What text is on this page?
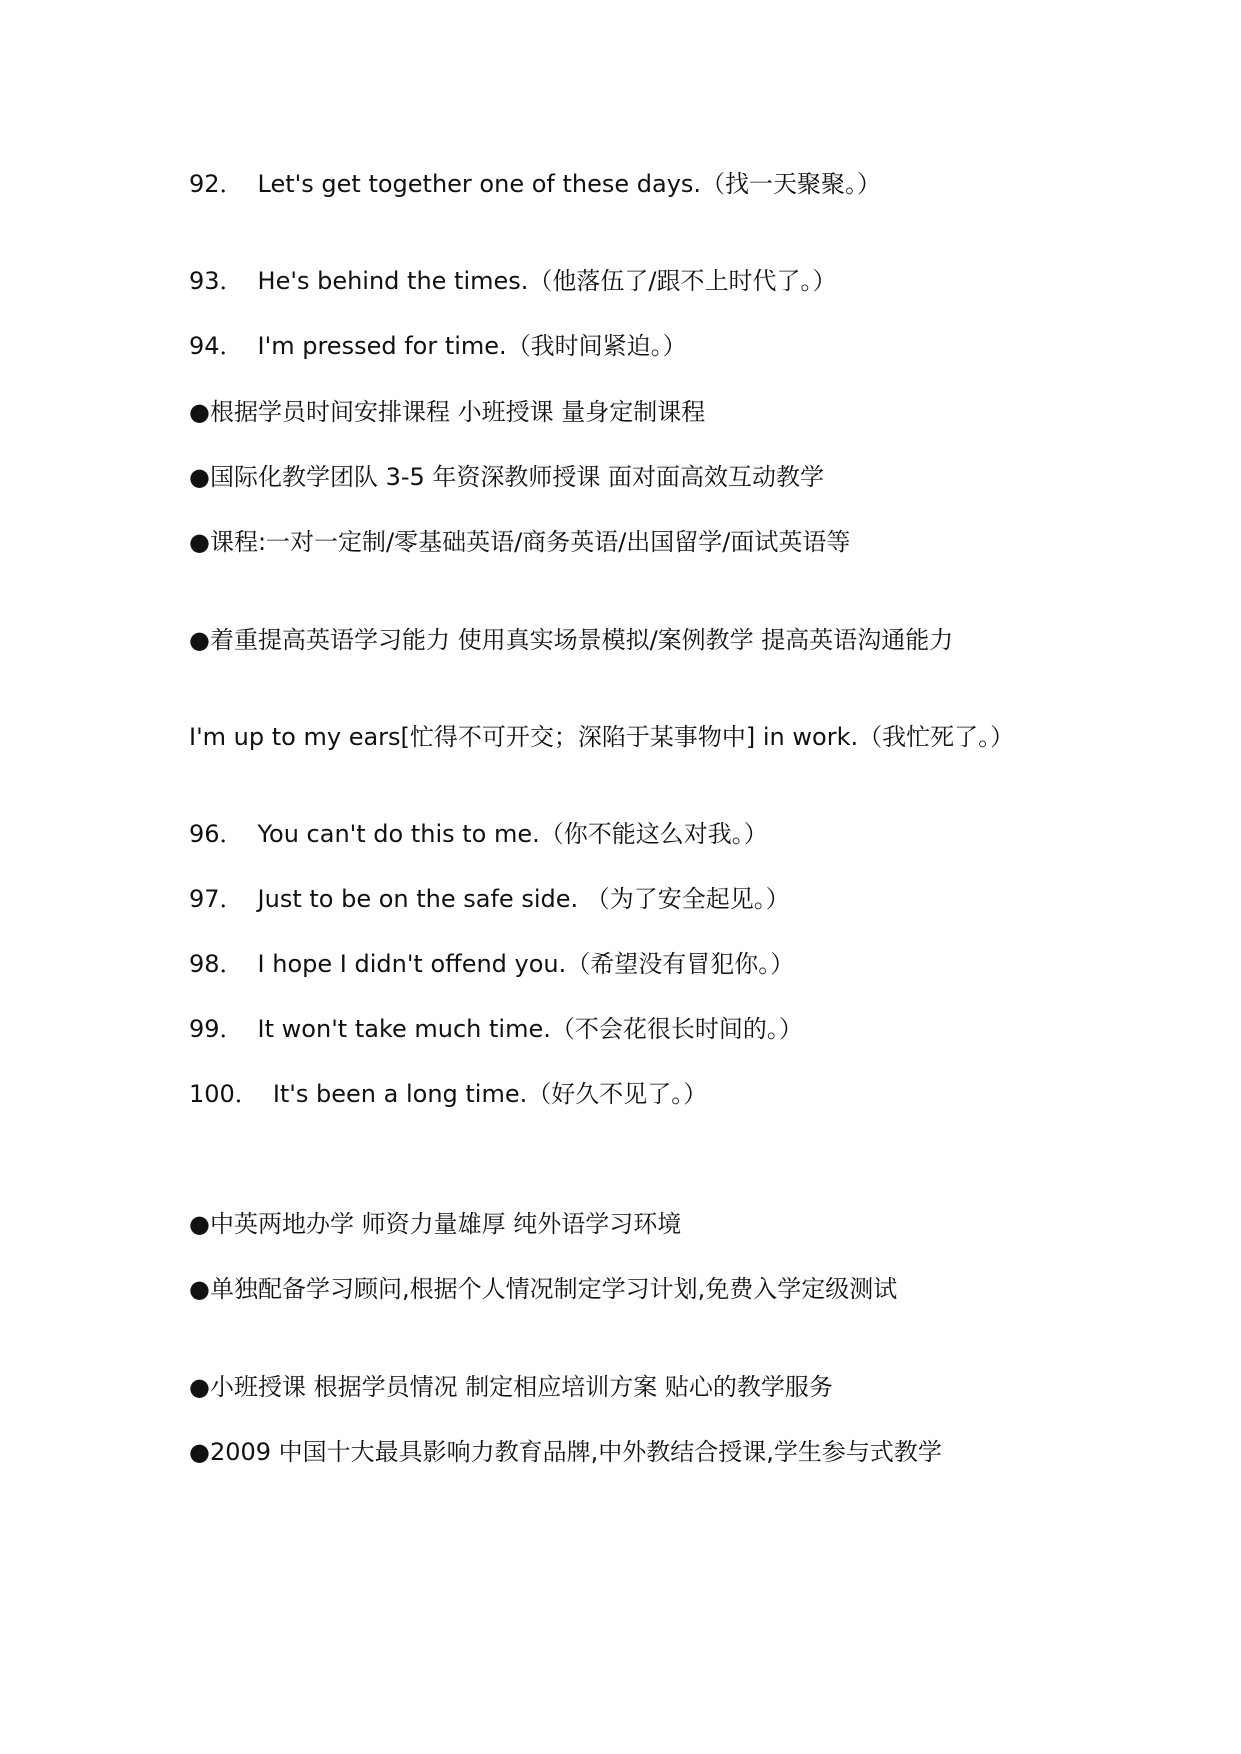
92． Let's get together one of these days.（找一天聚聚。）
93． He's behind the times.（他落伍了/跟不上时代了。）
94． I'm pressed for time.（我时间紧迫。）
●根据学员时间安排课程 小班授课 量身定制课程
●国际化教学团队 3-5 年资深教师授课 面对面高效互动教学
●课程:一对一定制/零基础英语/商务英语/出国留学/面试英语等
●着重提高英语学习能力 使用真实场景模拟/案例教学 提高英语沟通能力
I'm up to my ears[忙得不可开交；深陷于某事物中] in work.（我忙死了。）
96． You can't do this to me.（你不能这么对我。）
97． Just to be on the safe side. （为了安全起见。）
98． I hope I didn't offend you.（希望没有冒犯你。）
99． It won't take much time.（不会花很长时间的。）
100． It's been a long time.（好久不见了。）
●中英两地办学 师资力量雄厚 纯外语学习环境
●单独配备学习顾问,根据个人情况制定学习计划,免费入学定级测试
●小班授课 根据学员情况 制定相应培训方案 贴心的教学服务
●2009 中国十大最具影响力教育品牌,中外教结合授课,学生参与式教学
